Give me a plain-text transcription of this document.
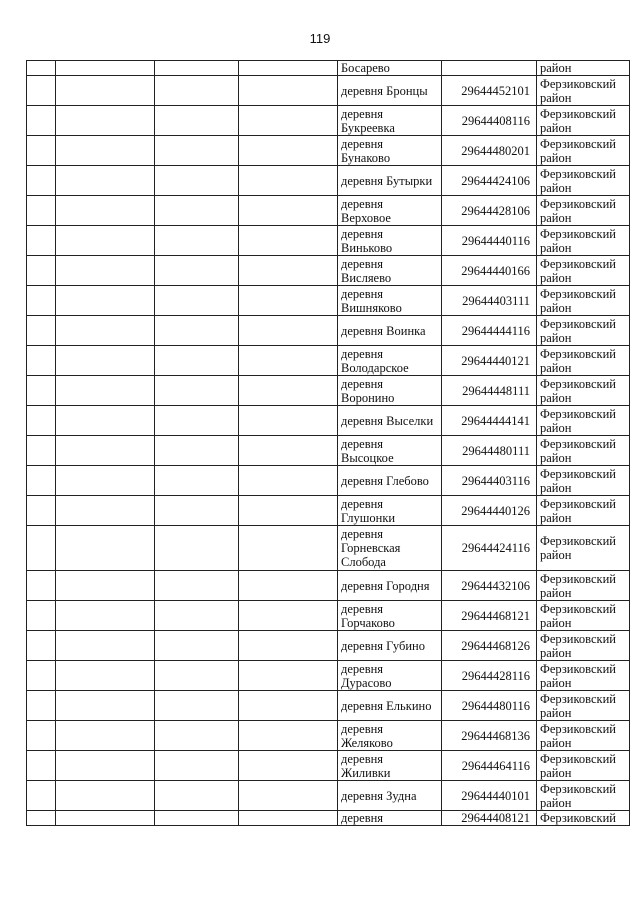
119

				Босарево		район

				деревня Бронцы	29644452101	Ферзиковский
район

				деревня
Букреевка	29644408116	Ферзиковский
район

				деревня
Бунаково	29644480201	Ферзиковский
район

				деревня Бутырки	29644424106	Ферзиковский
район

				деревня
Верховое	29644428106	Ферзиковский
район

				деревня
Виньково	29644440116	Ферзиковский
район

				деревня
Висляево	29644440166	Ферзиковский
район

				деревня
Вишняково	29644403111	Ферзиковский
район

				деревня Воинка	29644444116	Ферзиковский
район

				деревня
Володарское	29644440121	Ферзиковский
район

				деревня
Воронино	29644448111	Ферзиковский
район

				деревня Выселки	29644444141	Ферзиковский
район

				деревня
Высоцкое	29644480111	Ферзиковский
район

				деревня Глебово	29644403116	Ферзиковский
район

				деревня
Глушонки	29644440126	Ферзиковский
район

				деревня
Горневская
Слобода	29644424116	Ферзиковский
район

				деревня Городня	29644432106	Ферзиковский
район

				деревня
Горчаково	29644468121	Ферзиковский
район

				деревня Губино	29644468126	Ферзиковский
район

				деревня
Дурасово	29644428116	Ферзиковский
район

				деревня Елькино	29644480116	Ферзиковский
район

				деревня
Желяково	29644468136	Ферзиковский
район

				деревня
Жиливки	29644464116	Ферзиковский
район

				деревня Зудна	29644440101	Ферзиковский
район

				деревня	29644408121	Ферзиковский
